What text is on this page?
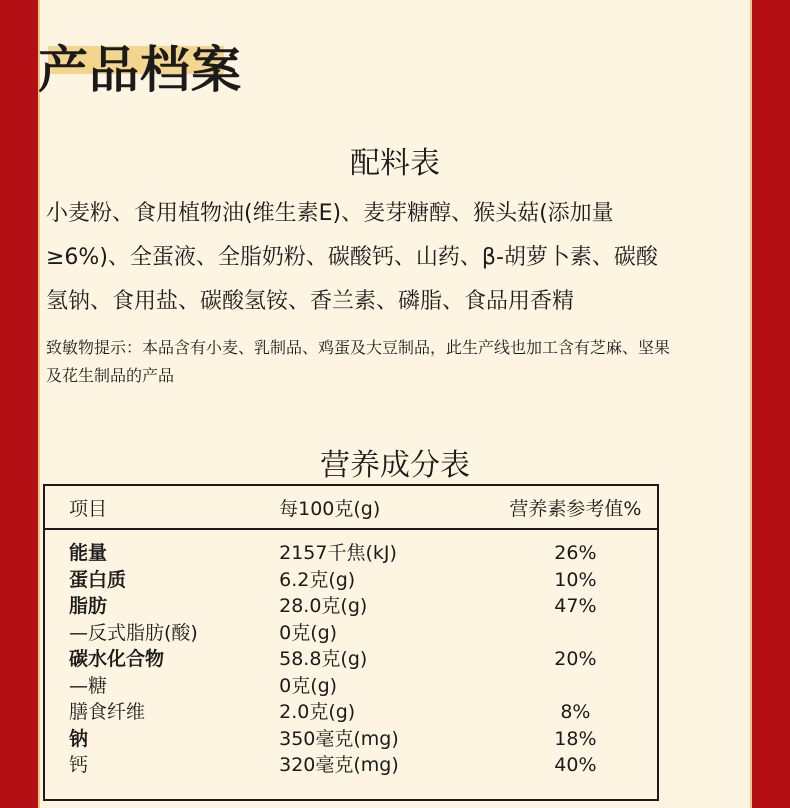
产品档案
配料表
小麦粉、食用植物油(维生素E)、麦芽糖醇、猴头菇(添加量≥6%)、全蛋液、全脂奶粉、碳酸钙、山药、β-胡萝卜素、碳酸氢钠、食用盐、碳酸氢铵、香兰素、磷脂、食品用香精
致敏物提示：本品含有小麦、乳制品、鸡蛋及大豆制品，此生产线也加工含有芝麻、坚果及花生制品的产品
营养成分表
项目	每100克(g)	营养素参考值%
能量	2157千焦(kJ)	26%
蛋白质	6.2克(g)	10%
脂肪	28.0克(g)	47%
—反式脂肪(酸)	0克(g)	
碳水化合物	58.8克(g)	20%
—糖	0克(g)	
膳食纤维	2.0克(g)	8%
钠	350毫克(mg)	18%
钙	320毫克(mg)	40%
